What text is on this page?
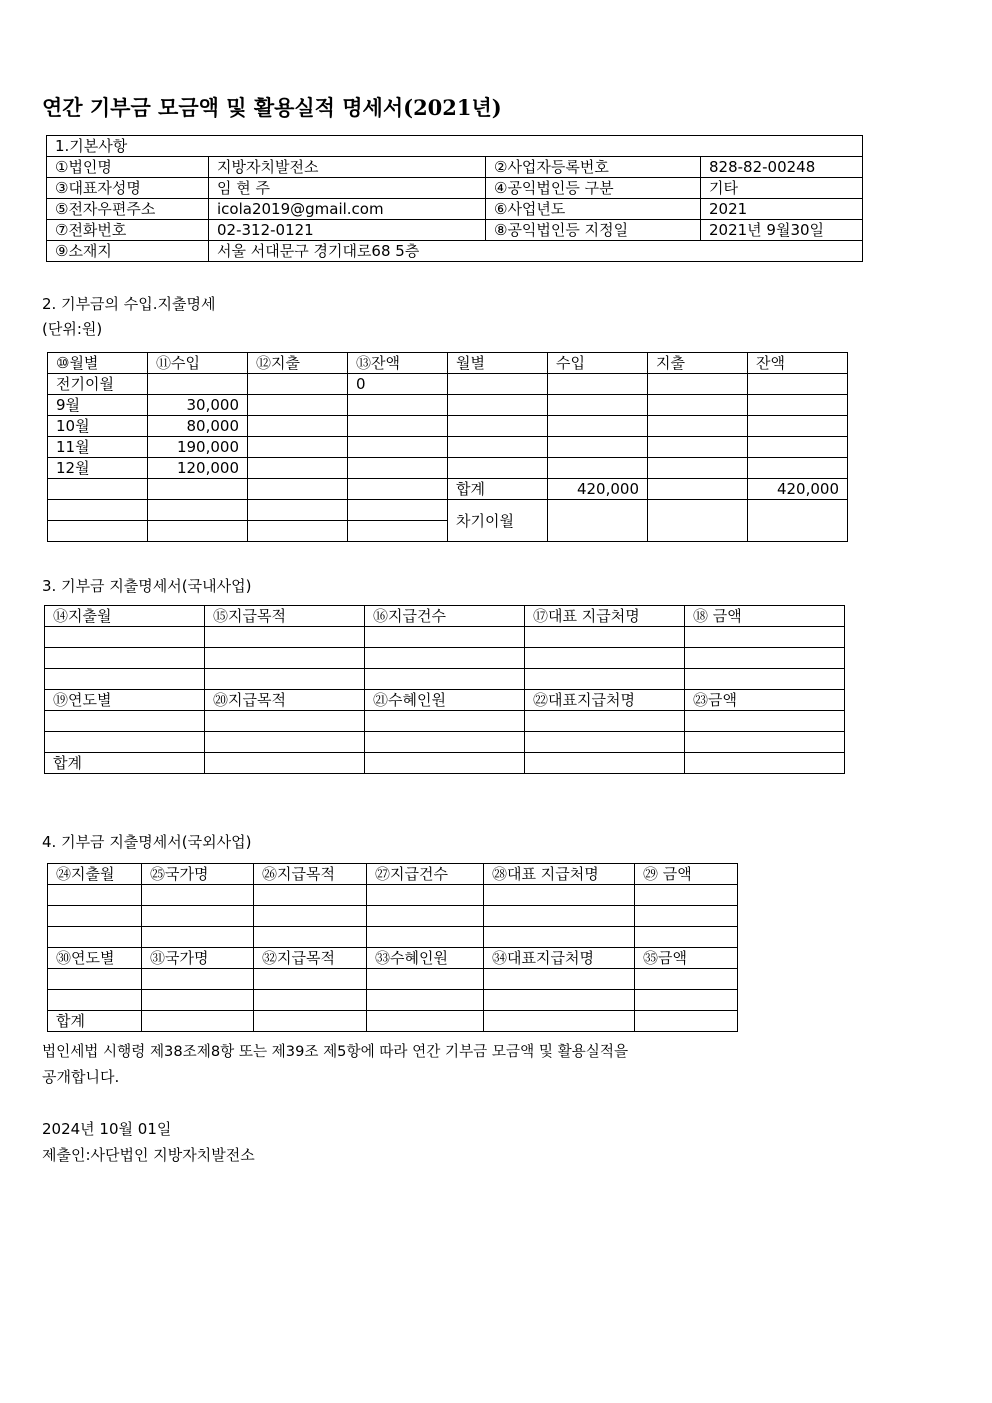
연간 기부금 모금액 및 활용실적 명세서(2021년)
1.기본사항			
①법인명	지방자치발전소	②사업자등록번호	828-82-00248
③대표자성명	임 현 주	④공익법인등 구분	기타
⑤전자우편주소	icola2019@gmail.com	⑥사업년도	2021
⑦전화번호	02-312-0121	⑧공익법인등 지정일	2021년 9월30일
⑨소재지	서울 서대문구 경기대로68 5층		
2. 기부금의 수입.지출명세
(단위:원)
⑩월별	⑪수입	⑫지출	⑬잔액	월별	수입	지출	잔액
전기이월			0				
9월	30,000						
10월	80,000						
11월	190,000						
12월	120,000						
				합계	420,000		420,000
				차기이월			

3. 기부금 지출명세서(국내사업)
⑭지출월	⑮지급목적	⑯지급건수	⑰대표 지급처명	⑱ 금액

⑲연도별	⑳지급목적	㉑수혜인원	㉒대표지급처명	㉓금액

합계				
4. 기부금 지출명세서(국외사업)
㉔지출월	㉕국가명	㉖지급목적	㉗지급건수	㉘대표 지급처명	㉙ 금액

㉚연도별	㉛국가명	㉜지급목적	㉝수혜인원	㉞대표지급처명	㉟금액

합계					
법인세법 시행령 제38조제8항 또는 제39조 제5항에 따라 연간 기부금 모금액 및 활용실적을
공개합니다.
2024년 10월 01일
제출인:사단법인 지방자치발전소
